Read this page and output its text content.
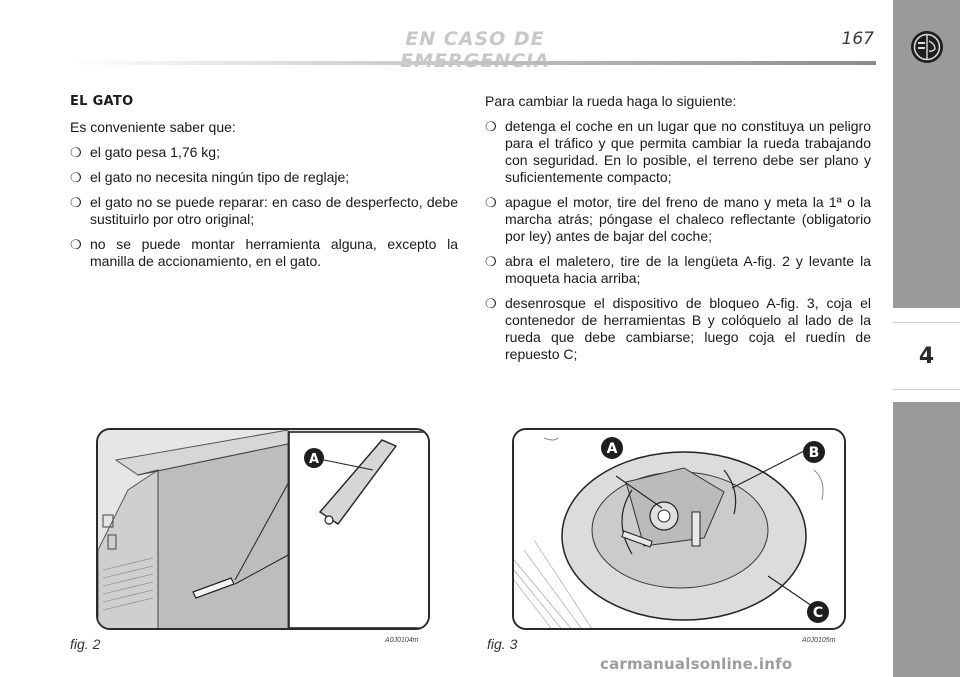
EN CASO DE	167
4
EL GATO
Es conveniente saber que:
❍ el gato pesa 1,76 kg;
❍ el gato no necesita ningún tipo de reglaje;
❍ el gato no se puede reparar: en caso de desperfecto, debe sustituirlo por otro original;
❍ no se puede montar herramienta alguna, excepto la manilla de accionamiento, en el gato.
Para cambiar la rueda haga lo siguiente:
❍ detenga el coche en un lugar que no constituya un peligro para el tráfico y que permita cambiar la rueda trabajando con seguridad. En lo posible, el terreno debe ser plano y suficientemente compacto;
❍ apague el motor, tire del freno de mano y meta la 1ª o la marcha atrás; póngase el chaleco reflectante (obligatorio por ley) antes de bajar del coche;
❍ abra el maletero, tire de la lengüeta A-fig. 2 y levante la moqueta hacia arriba;
❍ desenrosque el dispositivo de bloqueo A-fig. 3, coja el contenedor de herramientas B y colóquelo al lado de la rueda que debe cambiarse; luego coja el ruedín de repuesto C;
A
A	B
C
fig. 2	A0J0104m	fig. 3	A0J0105m
carmanualsonline.info
